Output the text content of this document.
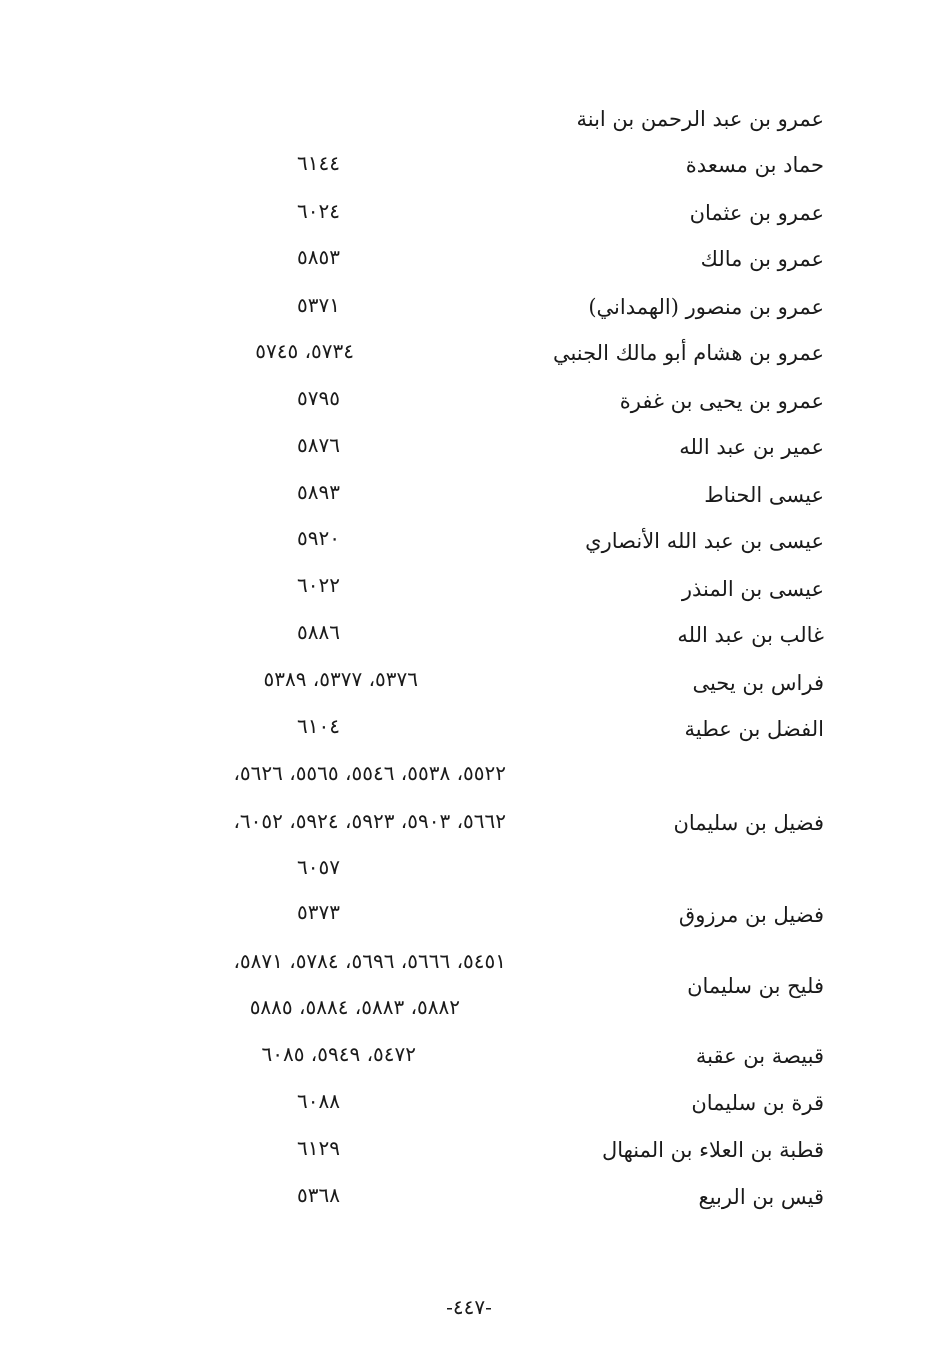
عمرو بن عبد الرحمن بن ابنة
حماد بن مسعدة
٦١٤٤
عمرو بن عثمان
٦٠٢٤
عمرو بن مالك
٥٨٥٣
عمرو بن منصور (الهمداني)
٥٣٧١
عمرو بن هشام أبو مالك الجنبي
٥٧٣٤، ٥٧٤٥
عمرو بن يحيى بن غفرة
٥٧٩٥
عمير بن عبد الله
٥٨٧٦
عيسى الحناط
٥٨٩٣
عيسى بن عبد الله الأنصاري
٥٩٢٠
عيسى بن المنذر
٦٠٢٢
غالب بن عبد الله
٥٨٨٦
فراس بن يحيى
٥٣٧٦، ٥٣٧٧، ٥٣٨٩
الفضل بن عطية
٦١٠٤
٥٥٢٢، ٥٥٣٨، ٥٥٤٦، ٥٥٦٥، ٥٦٢٦،
فضيل بن سليمان
٥٦٦٢، ٥٩٠٣، ٥٩٢٣، ٥٩٢٤، ٦٠٥٢،
٦٠٥٧
فضيل بن مرزوق
٥٣٧٣
٥٤٥١، ٥٦٦٦، ٥٦٩٦، ٥٧٨٤، ٥٨٧١،
فليح بن سليمان
٥٨٨٢، ٥٨٨٣، ٥٨٨٤، ٥٨٨٥
قبيصة بن عقبة
٥٤٧٢، ٥٩٤٩، ٦٠٨٥
قرة بن سليمان
٦٠٨٨
قطبة بن العلاء بن المنهال
٦١٢٩
قيس بن الربيع
٥٣٦٨
-٤٤٧-
